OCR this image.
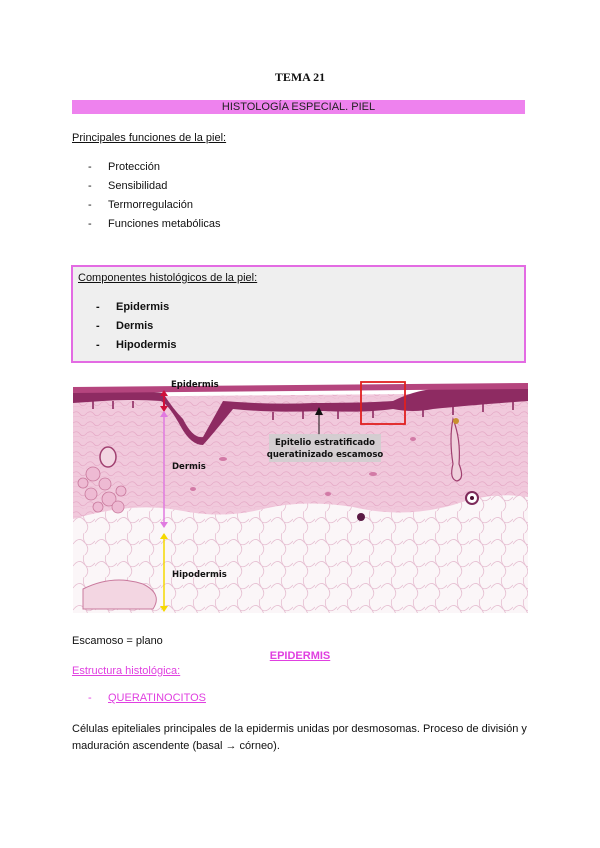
TEMA 21
HISTOLOGÍA ESPECIAL. PIEL
Principales funciones de la piel:
- Protección
- Sensibilidad
- Termorregulación
- Funciones metabólicas
Componentes histológicos de la piel:
- Epidermis
- Dermis
- Hipodermis
Epidermis
Dermis
Hipodermis
Epitelio estratificado
queratinizado escamoso
Escamoso = plano
EPIDERMIS
Estructura histológica:
- QUERATINOCITOS
Células epiteliales principales de la epidermis unidas por desmosomas. Proceso de división y maduración ascendente (basal → córneo).
